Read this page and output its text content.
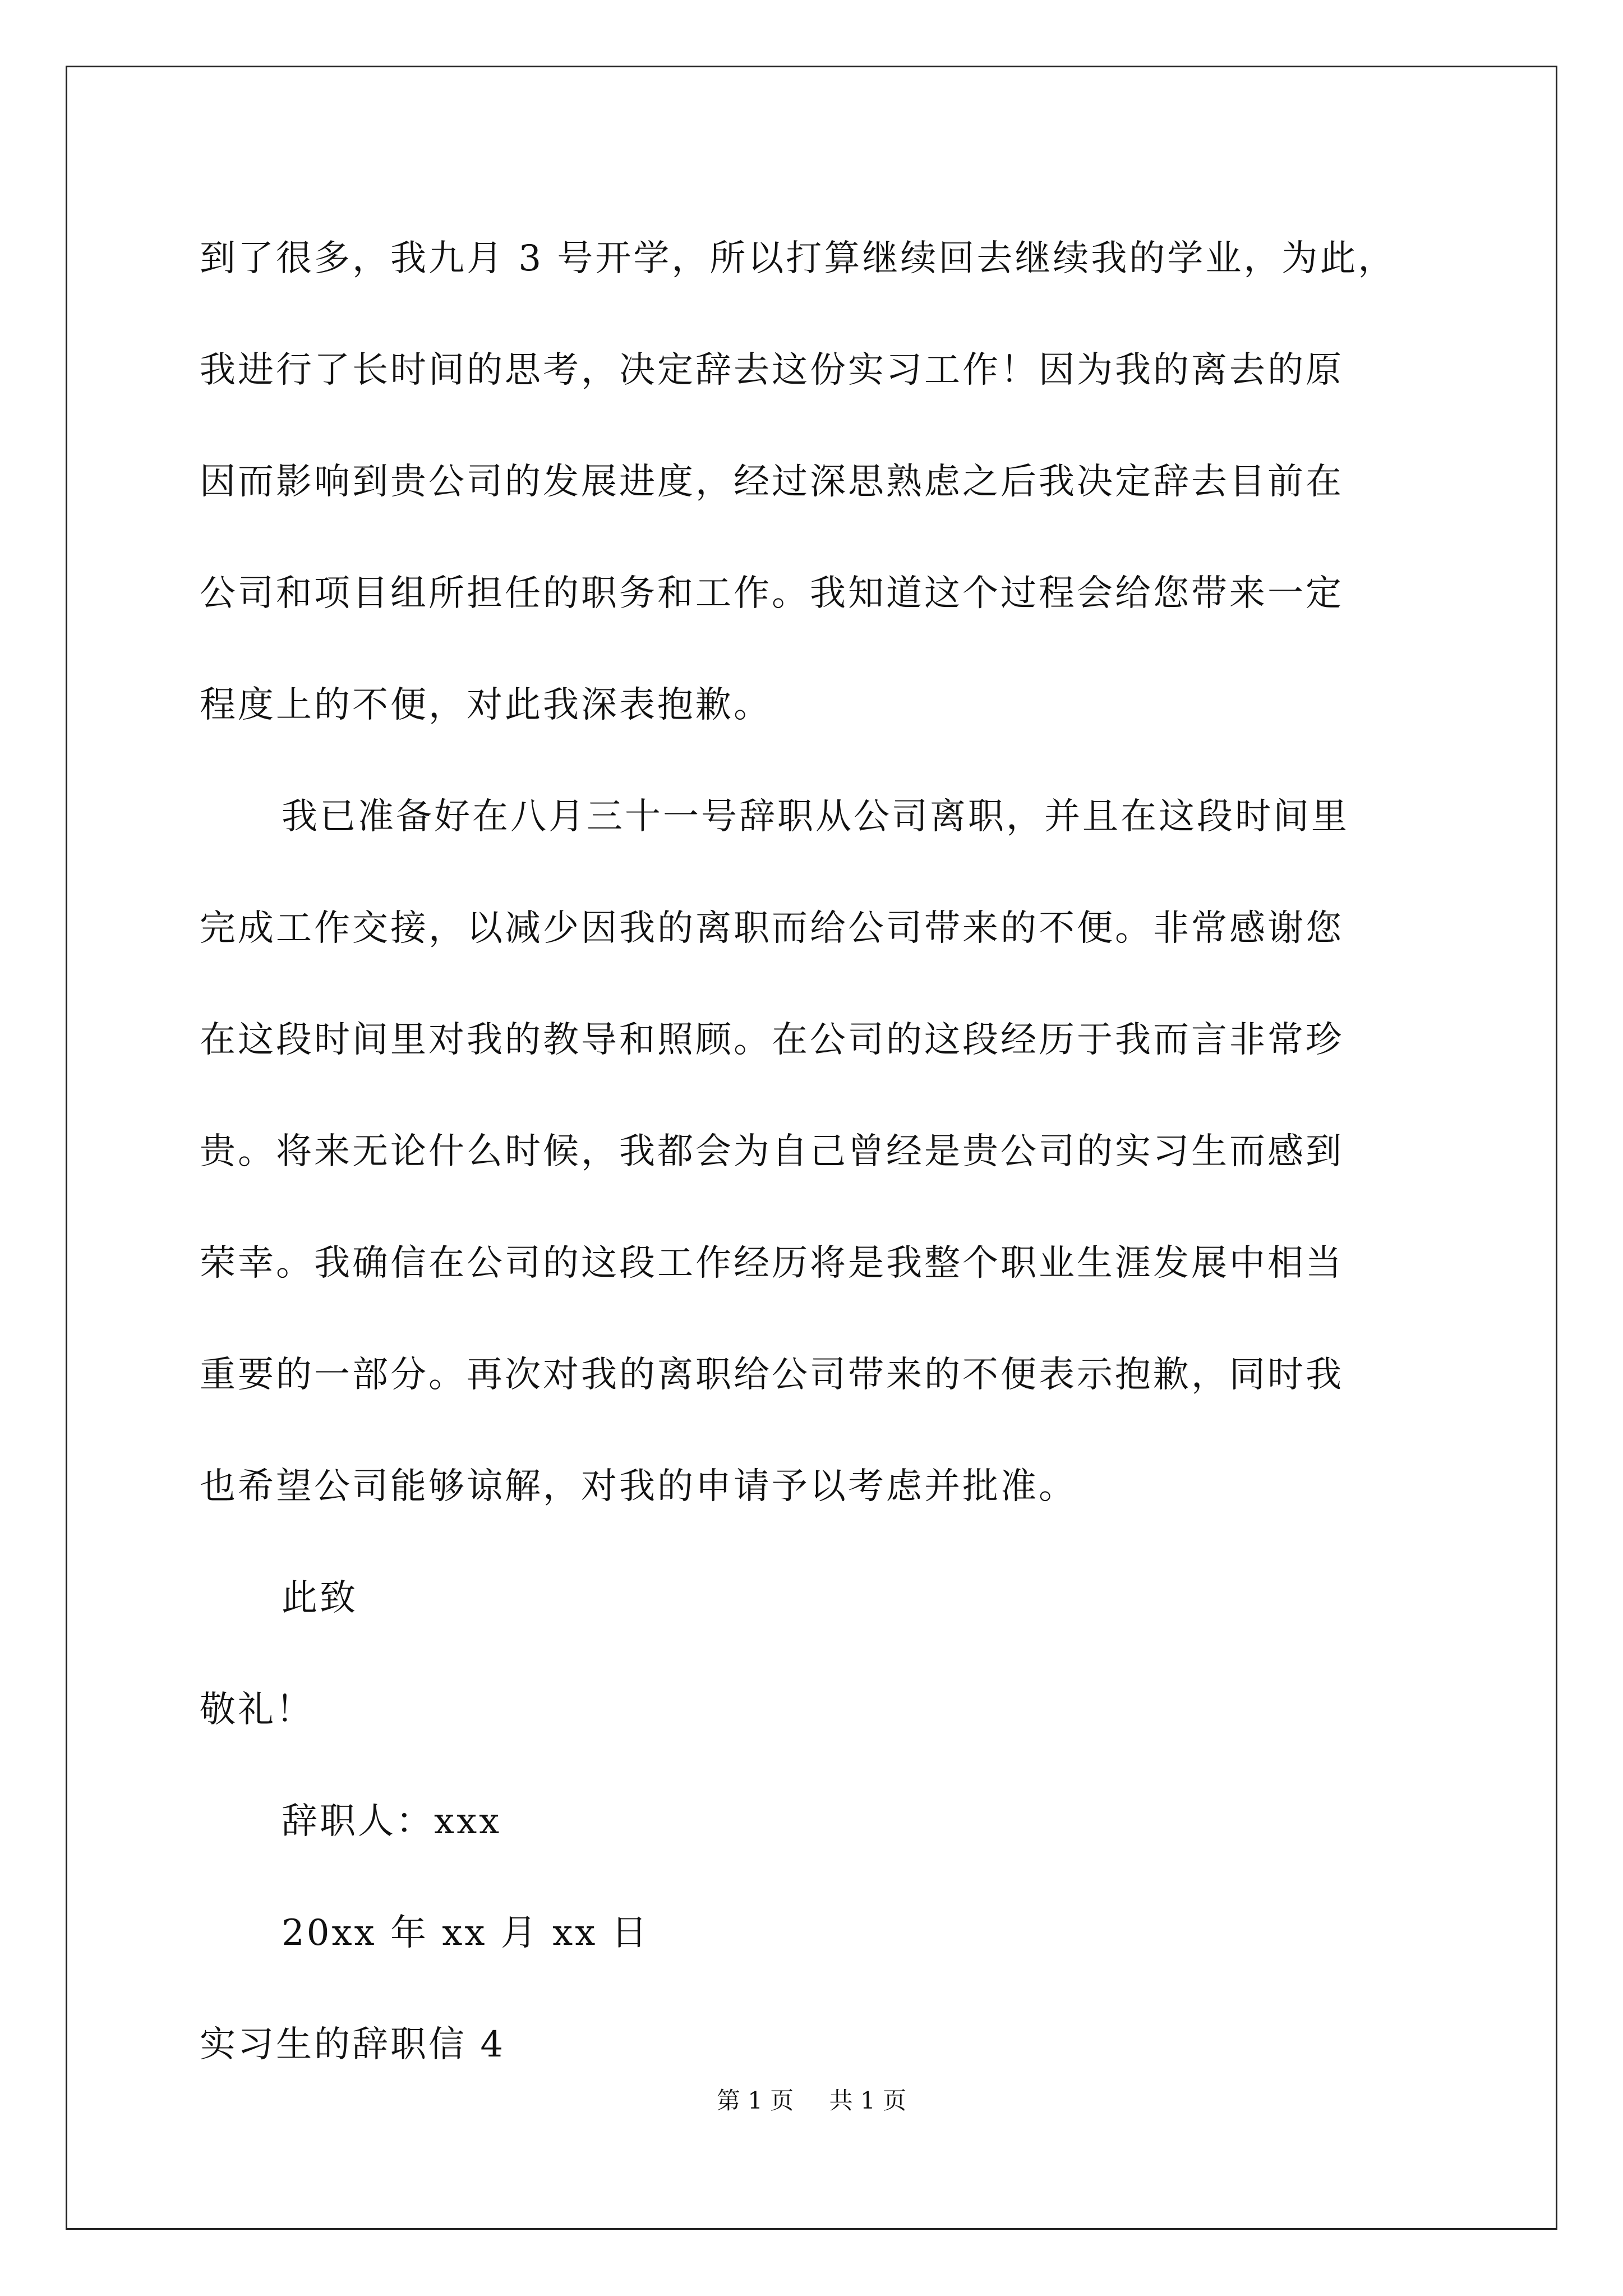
到了很多，我九月 3 号开学，所以打算继续回去继续我的学业，为此，
我进行了长时间的思考，决定辞去这份实习工作！因为我的离去的原
因而影响到贵公司的发展进度，经过深思熟虑之后我决定辞去目前在
公司和项目组所担任的职务和工作。我知道这个过程会给您带来一定
程度上的不便，对此我深表抱歉。
我已准备好在八月三十一号辞职从公司离职，并且在这段时间里
完成工作交接，以减少因我的离职而给公司带来的不便。非常感谢您
在这段时间里对我的教导和照顾。在公司的这段经历于我而言非常珍
贵。将来无论什么时候，我都会为自己曾经是贵公司的实习生而感到
荣幸。我确信在公司的这段工作经历将是我整个职业生涯发展中相当
重要的一部分。再次对我的离职给公司带来的不便表示抱歉，同时我
也希望公司能够谅解，对我的申请予以考虑并批准。
此致
敬礼！
辞职人：xxx
20xx 年 xx 月 xx 日
实习生的辞职信 4
第 1 页 共 1 页
